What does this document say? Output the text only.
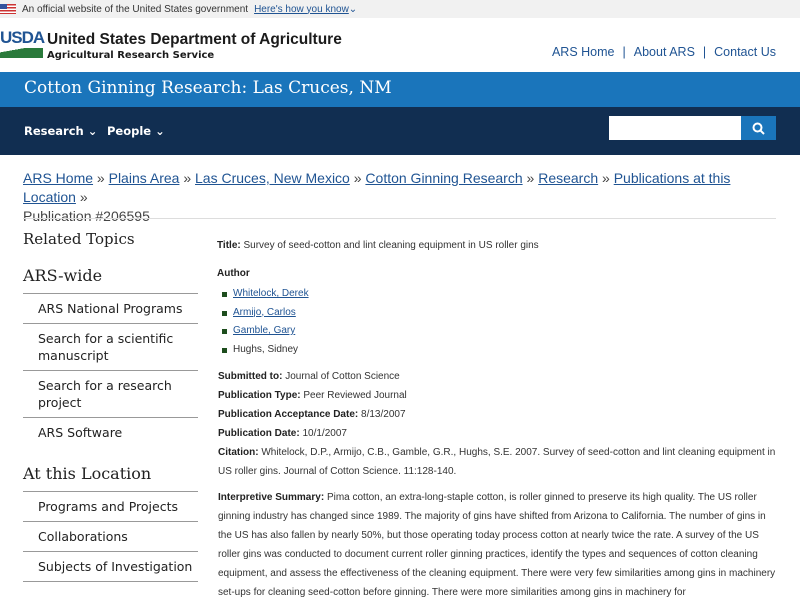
An official website of the United States government Here's how you know ⌄
USDA United States Department of Agriculture
Agricultural Research Service	ARS Home | About ARS | Contact Us
Cotton Ginning Research: Las Cruces, NM
Research ⌄ People ⌄
ARS Home » Plains Area » Las Cruces, New Mexico » Cotton Ginning Research » Research » Publications at this Location »
Publication #206595
Related Topics
ARS-wide
ARS National Programs
Search for a scientific manuscript
Search for a research project
ARS Software
At this Location
Programs and Projects
Collaborations
Subjects of Investigation
Title: Survey of seed-cotton and lint cleaning equipment in US roller gins
Author
Whitelock, Derek
Armijo, Carlos
Gamble, Gary
Hughs, Sidney
Submitted to: Journal of Cotton Science
Publication Type: Peer Reviewed Journal
Publication Acceptance Date: 8/13/2007
Publication Date: 10/1/2007
Citation: Whitelock, D.P., Armijo, C.B., Gamble, G.R., Hughs, S.E. 2007. Survey of seed-cotton and lint cleaning equipment in US roller gins. Journal of Cotton Science. 11:128-140.

Interpretive Summary: Pima cotton, an extra-long-staple cotton, is roller ginned to preserve its high quality. The US roller ginning industry has changed since 1989. The majority of gins have shifted from Arizona to California. The number of gins in the US has also fallen by nearly 50%, but those operating today process cotton at nearly twice the rate. A survey of the US roller gins was conducted to document current roller ginning practices, identify the types and sequences of cotton cleaning equipment, and assess the effectiveness of the cleaning equipment. There were very few similarities among gins in machinery set-ups for cleaning seed-cotton before ginning. There were more similarities among gins in machinery for
